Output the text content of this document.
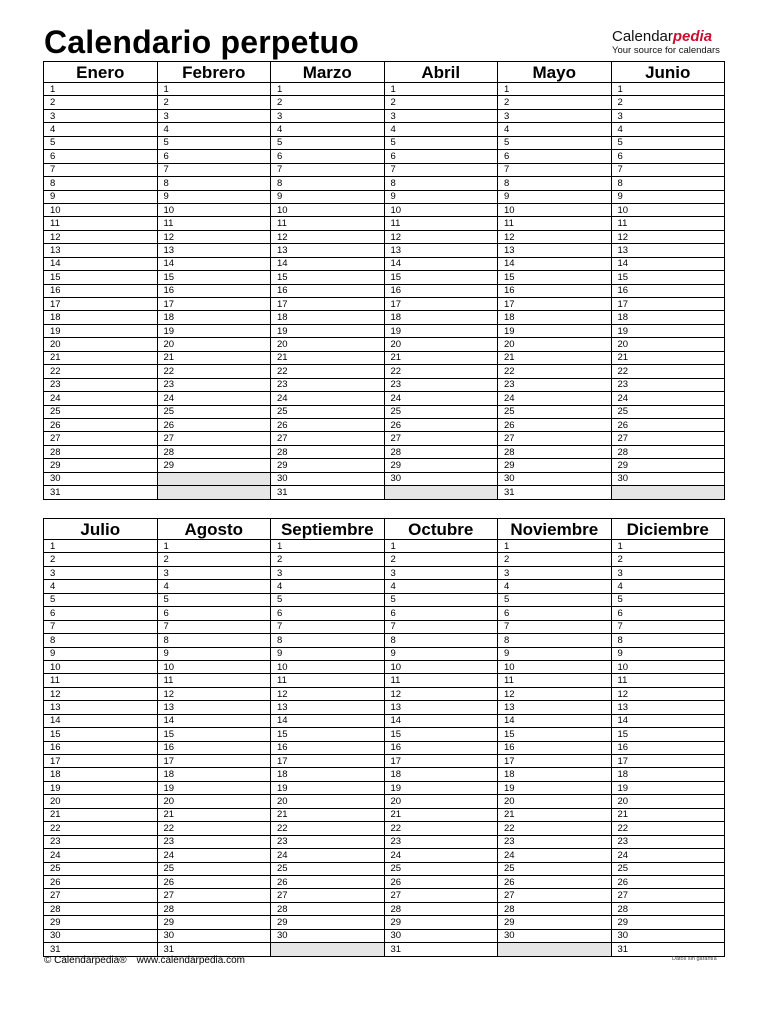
Calendario perpetuo	Calendarpedia
Your source for calendars
Enero	Febrero	Marzo	Abril	Mayo	Junio
1	1	1	1	1	1
2	2	2	2	2	2
3	3	3	3	3	3
4	4	4	4	4	4
5	5	5	5	5	5
6	6	6	6	6	6
7	7	7	7	7	7
8	8	8	8	8	8
9	9	9	9	9	9
10	10	10	10	10	10
11	11	11	11	11	11
12	12	12	12	12	12
13	13	13	13	13	13
14	14	14	14	14	14
15	15	15	15	15	15
16	16	16	16	16	16
17	17	17	17	17	17
18	18	18	18	18	18
19	19	19	19	19	19
20	20	20	20	20	20
21	21	21	21	21	21
22	22	22	22	22	22
23	23	23	23	23	23
24	24	24	24	24	24
25	25	25	25	25	25
26	26	26	26	26	26
27	27	27	27	27	27
28	28	28	28	28	28
29	29	29	29	29	29
30		30	30	30	30
31		31		31	
Julio	Agosto	Septiembre	Octubre	Noviembre	Diciembre
1	1	1	1	1	1
2	2	2	2	2	2
3	3	3	3	3	3
4	4	4	4	4	4
5	5	5	5	5	5
6	6	6	6	6	6
7	7	7	7	7	7
8	8	8	8	8	8
9	9	9	9	9	9
10	10	10	10	10	10
11	11	11	11	11	11
12	12	12	12	12	12
13	13	13	13	13	13
14	14	14	14	14	14
15	15	15	15	15	15
16	16	16	16	16	16
17	17	17	17	17	17
18	18	18	18	18	18
19	19	19	19	19	19
20	20	20	20	20	20
21	21	21	21	21	21
22	22	22	22	22	22
23	23	23	23	23	23
24	24	24	24	24	24
25	25	25	25	25	25
26	26	26	26	26	26
27	27	27	27	27	27
28	28	28	28	28	28
29	29	29	29	29	29
30	30	30	30	30	30
31	31		31		31
© Calendarpedia® www.calendarpedia.com	Datos sin garantía
